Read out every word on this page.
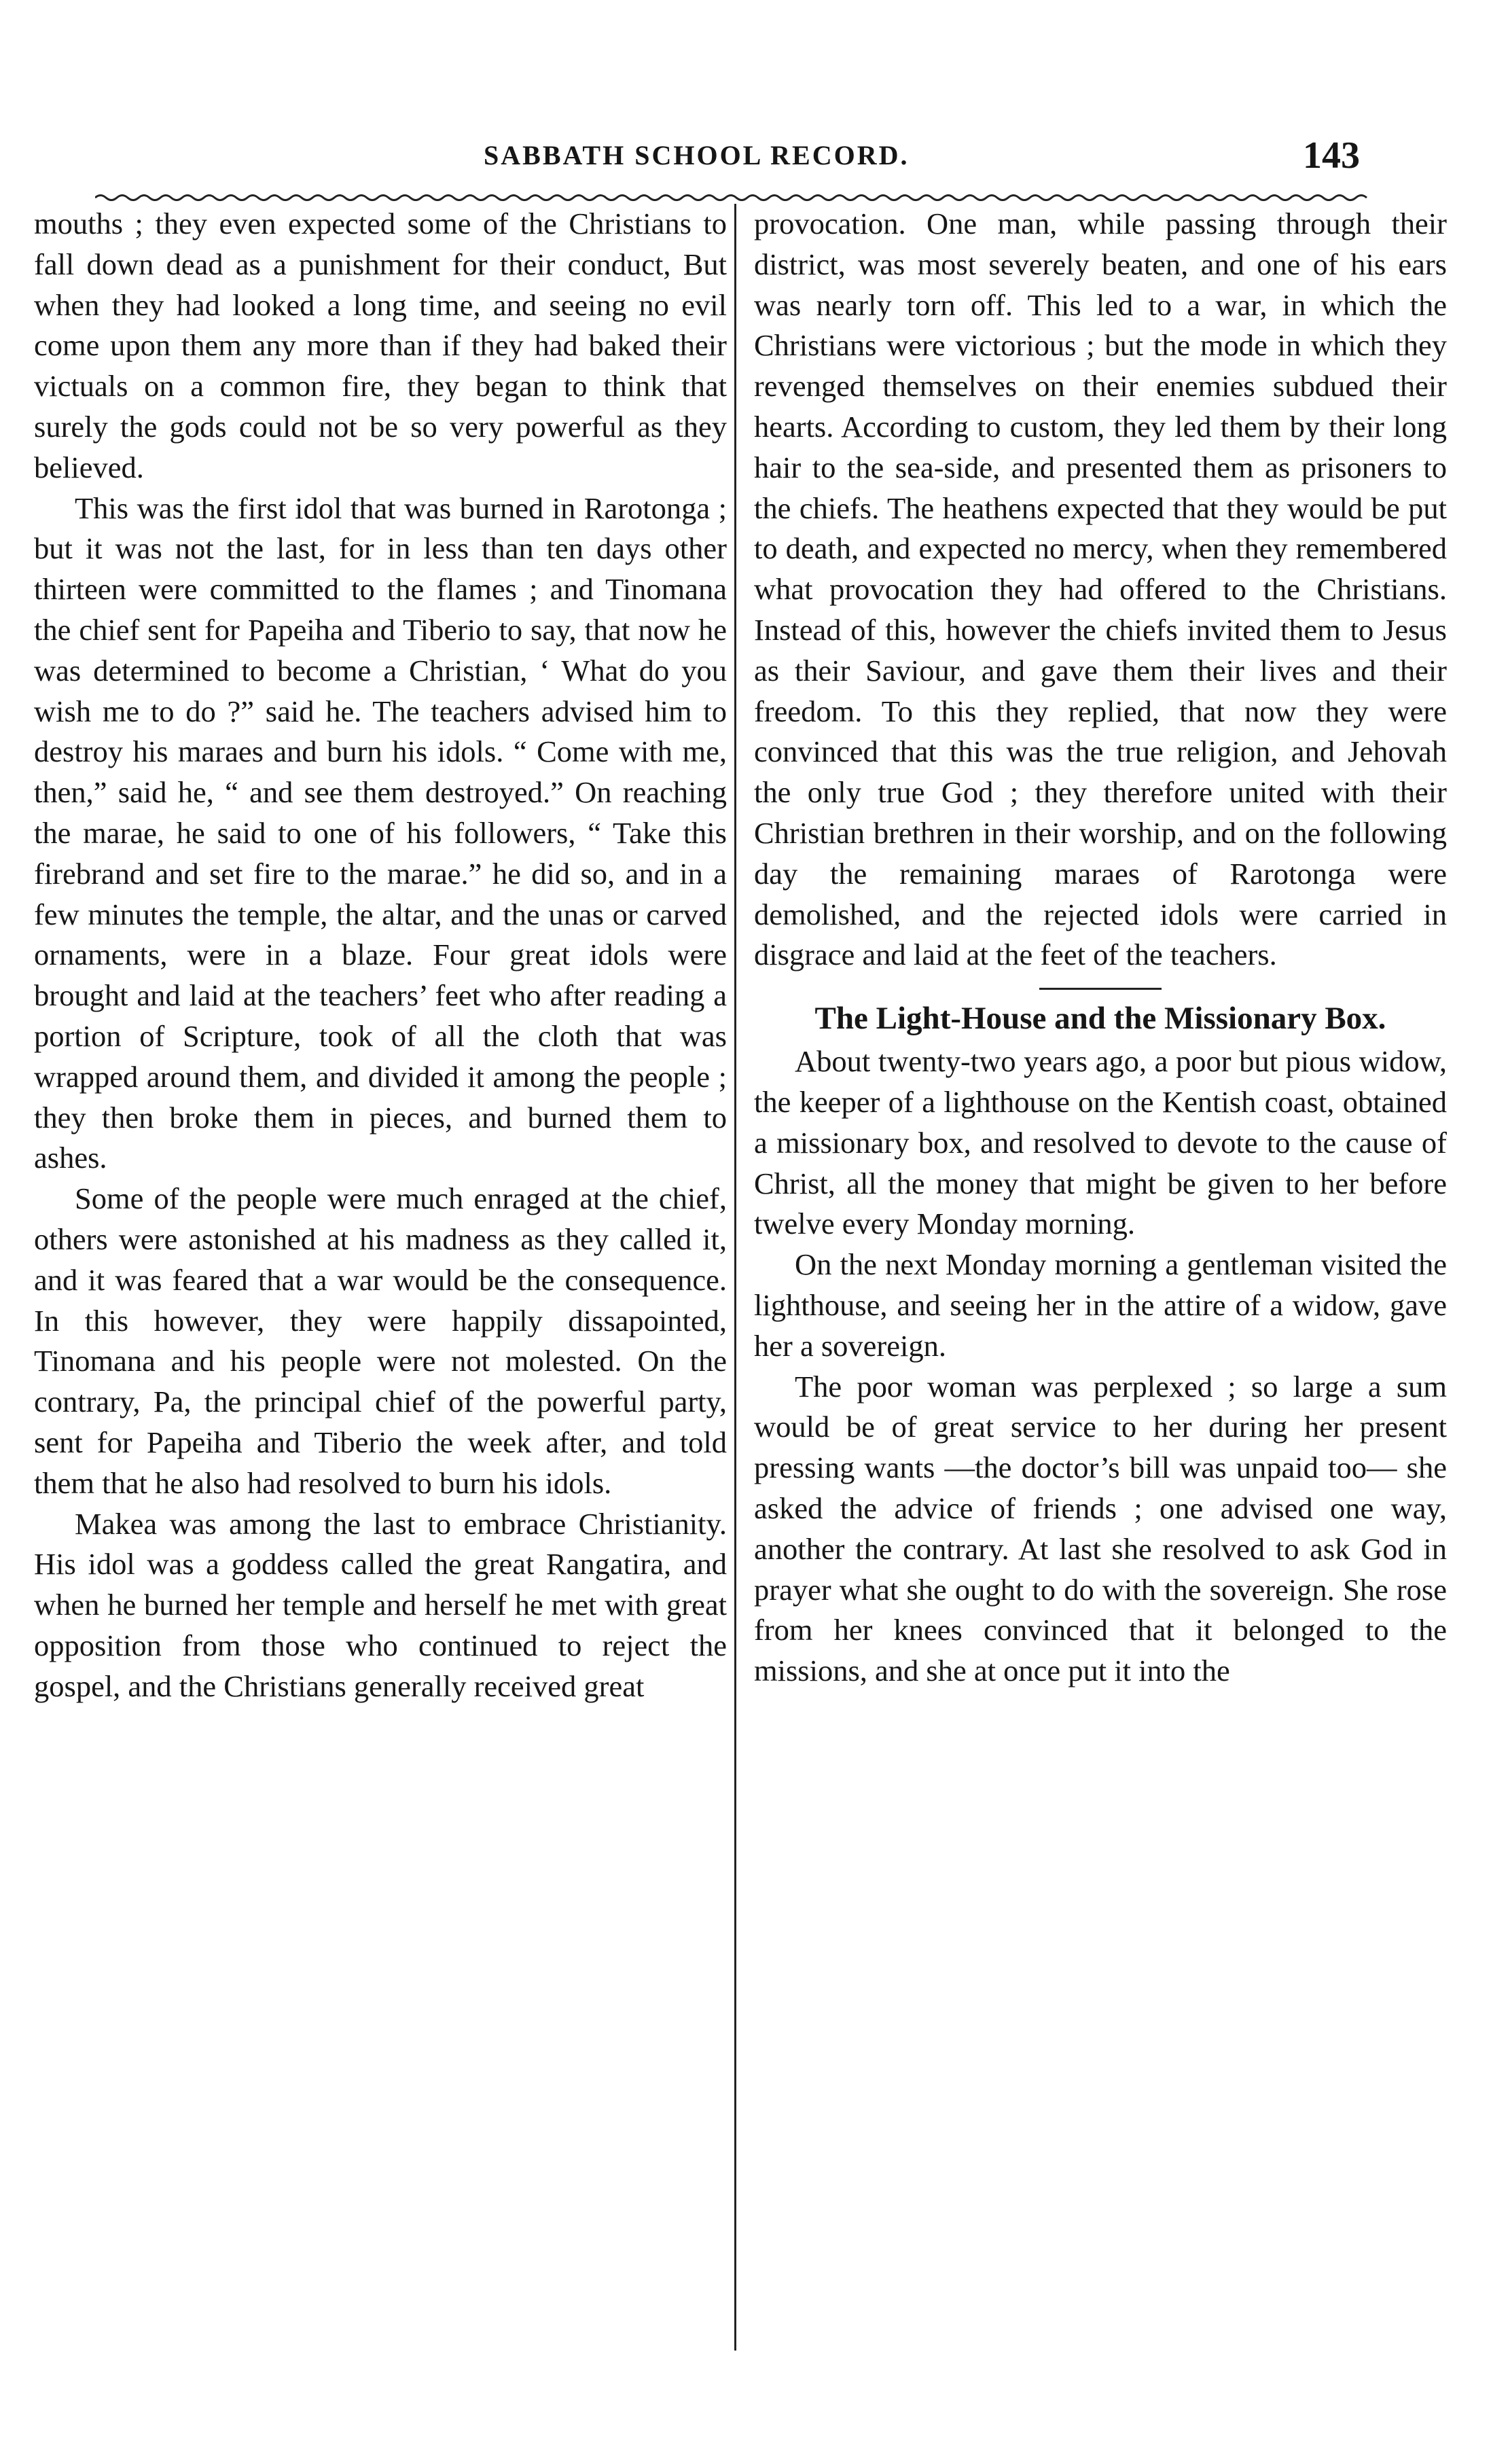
SABBATH SCHOOL RECORD.	143

mouths ; they even expected some of the Christians to fall down dead as a punishment for their conduct, But when they had looked a long time, and seeing no evil come upon them any more than if they had baked their victuals on a common fire, they began to think that surely the gods could not be so very powerful as they believed.

This was the first idol that was burned in Rarotonga ; but it was not the last, for in less than ten days other thirteen were committed to the flames ; and Tinomana the chief sent for Papeiha and Tiberio to say, that now he was determined to become a Christian, ‘ What do you wish me to do ?” said he. The teachers advised him to destroy his maraes and burn his idols. “ Come with me, then,” said he, “ and see them destroyed.” On reaching the marae, he said to one of his followers, “ Take this firebrand and set fire to the marae.” he did so, and in a few minutes the temple, the altar, and the unas or carved ornaments, were in a blaze. Four great idols were brought and laid at the teachers’ feet who after reading a portion of Scripture, took of all the cloth that was wrapped around them, and divided it among the people ; they then broke them in pieces, and burned them to ashes.

Some of the people were much enraged at the chief, others were astonished at his madness as they called it, and it was feared that a war would be the consequence. In this however, they were happily dissapointed, Tinomana and his people were not molested. On the contrary, Pa, the principal chief of the powerful party, sent for Papeiha and Tiberio the week after, and told them that he also had resolved to burn his idols.

Makea was among the last to embrace Christianity. His idol was a goddess called the great Rangatira, and when he burned her temple and herself he met with great opposition from those who continued to reject the gospel, and the Christians generally received great

provocation. One man, while passing through their district, was most severely beaten, and one of his ears was nearly torn off. This led to a war, in which the Christians were victorious ; but the mode in which they revenged themselves on their enemies subdued their hearts. According to custom, they led them by their long hair to the sea-side, and presented them as prisoners to the chiefs. The heathens expected that they would be put to death, and expected no mercy, when they remembered what provocation they had offered to the Christians. Instead of this, however the chiefs invited them to Jesus as their Saviour, and gave them their lives and their freedom. To this they replied, that now they were convinced that this was the true religion, and Jehovah the only true God ; they therefore united with their Christian brethren in their worship, and on the following day the remaining maraes of Rarotonga were demolished, and the rejected idols were carried in disgrace and laid at the feet of the teachers.

The Light-House and the Missionary Box.

About twenty-two years ago, a poor but pious widow, the keeper of a lighthouse on the Kentish coast, obtained a missionary box, and resolved to devote to the cause of Christ, all the money that might be given to her before twelve every Monday morning.

On the next Monday morning a gentleman visited the lighthouse, and seeing her in the attire of a widow, gave her a sovereign.

The poor woman was perplexed ; so large a sum would be of great service to her during her present pressing wants —the doctor’s bill was unpaid too— she asked the advice of friends ; one advised one way, another the contrary. At last she resolved to ask God in prayer what she ought to do with the sovereign. She rose from her knees convinced that it belonged to the missions, and she at once put it into the
